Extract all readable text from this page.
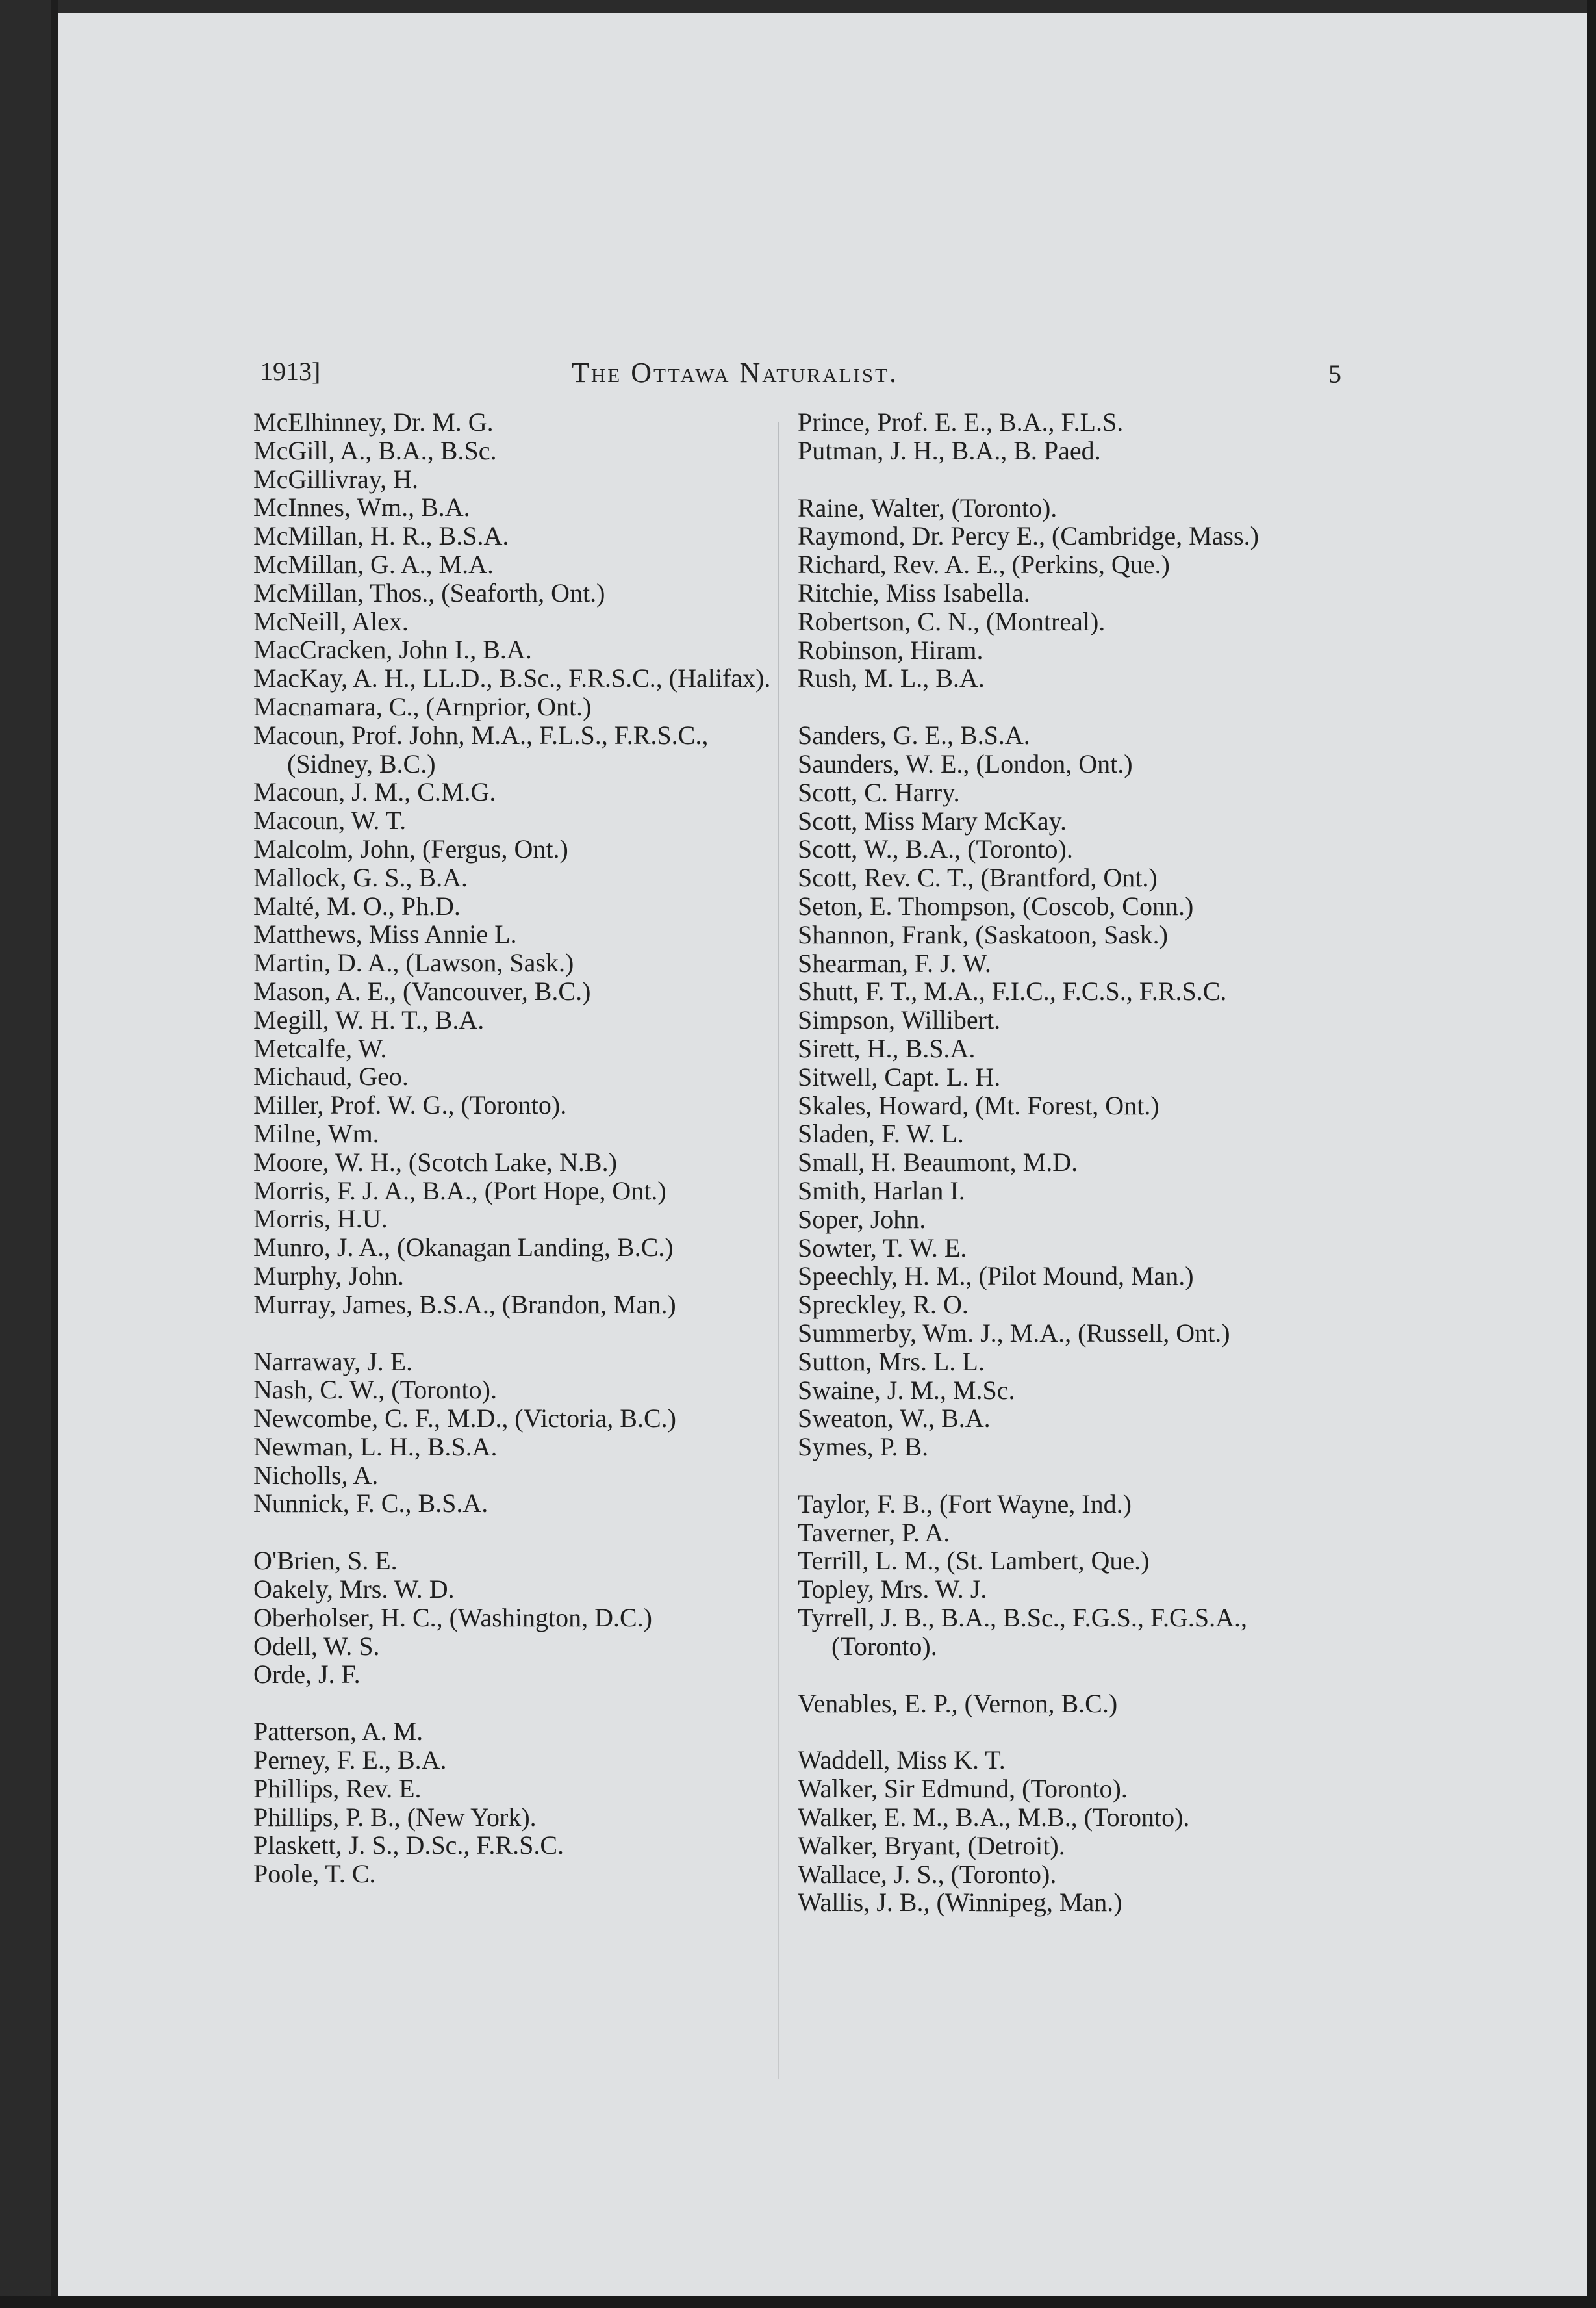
1913]	The Ottawa Naturalist.	5

McElhinney, Dr. M. G.

McGill, A., B.A., B.Sc.

McGillivray, H.

McInnes, Wm., B.A.

McMillan, H. R., B.S.A.

McMillan, G. A., M.A.

McMillan, Thos., (Seaforth, Ont.)

McNeill, Alex.

MacCracken, John I., B.A.

MacKay, A. H., LL.D., B.Sc., F.R.S.C., (Halifax).

Macnamara, C., (Arnprior, Ont.)

Macoun, Prof. John, M.A., F.L.S., F.R.S.C., (Sidney, B.C.)

Macoun, J. M., C.M.G.

Macoun, W. T.

Malcolm, John, (Fergus, Ont.)

Mallock, G. S., B.A.

Malté, M. O., Ph.D.

Matthews, Miss Annie L.

Martin, D. A., (Lawson, Sask.)

Mason, A. E., (Vancouver, B.C.)

Megill, W. H. T., B.A.

Metcalfe, W.

Michaud, Geo.

Miller, Prof. W. G., (Toronto).

Milne, Wm.

Moore, W. H., (Scotch Lake, N.B.)

Morris, F. J. A., B.A., (Port Hope, Ont.)

Morris, H.U.

Munro, J. A., (Okanagan Landing, B.C.)

Murphy, John.

Murray, James, B.S.A., (Brandon, Man.)

Narraway, J. E.

Nash, C. W., (Toronto).

Newcombe, C. F., M.D., (Victoria, B.C.)

Newman, L. H., B.S.A.

Nicholls, A.

Nunnick, F. C., B.S.A.

O'Brien, S. E.

Oakely, Mrs. W. D.

Oberholser, H. C., (Washington, D.C.)

Odell, W. S.

Orde, J. F.

Patterson, A. M.

Perney, F. E., B.A.

Phillips, Rev. E.

Phillips, P. B., (New York).

Plaskett, J. S., D.Sc., F.R.S.C.

Poole, T. C.

Prince, Prof. E. E., B.A., F.L.S.

Putman, J. H., B.A., B. Paed.

Raine, Walter, (Toronto).

Raymond, Dr. Percy E., (Cambridge, Mass.)

Richard, Rev. A. E., (Perkins, Que.)

Ritchie, Miss Isabella.

Robertson, C. N., (Montreal).

Robinson, Hiram.

Rush, M. L., B.A.

Sanders, G. E., B.S.A.

Saunders, W. E., (London, Ont.)

Scott, C. Harry.

Scott, Miss Mary McKay.

Scott, W., B.A., (Toronto).

Scott, Rev. C. T., (Brantford, Ont.)

Seton, E. Thompson, (Coscob, Conn.)

Shannon, Frank, (Saskatoon, Sask.)

Shearman, F. J. W.

Shutt, F. T., M.A., F.I.C., F.C.S., F.R.S.C.

Simpson, Willibert.

Sirett, H., B.S.A.

Sitwell, Capt. L. H.

Skales, Howard, (Mt. Forest, Ont.)

Sladen, F. W. L.

Small, H. Beaumont, M.D.

Smith, Harlan I.

Soper, John.

Sowter, T. W. E.

Speechly, H. M., (Pilot Mound, Man.)

Spreckley, R. O.

Summerby, Wm. J., M.A., (Russell, Ont.)

Sutton, Mrs. L. L.

Swaine, J. M., M.Sc.

Sweaton, W., B.A.

Symes, P. B.

Taylor, F. B., (Fort Wayne, Ind.)

Taverner, P. A.

Terrill, L. M., (St. Lambert, Que.)

Topley, Mrs. W. J.

Tyrrell, J. B., B.A., B.Sc., F.G.S., F.G.S.A., (Toronto).

Venables, E. P., (Vernon, B.C.)

Waddell, Miss K. T.

Walker, Sir Edmund, (Toronto).

Walker, E. M., B.A., M.B., (Toronto).

Walker, Bryant, (Detroit).

Wallace, J. S., (Toronto).

Wallis, J. B., (Winnipeg, Man.)
